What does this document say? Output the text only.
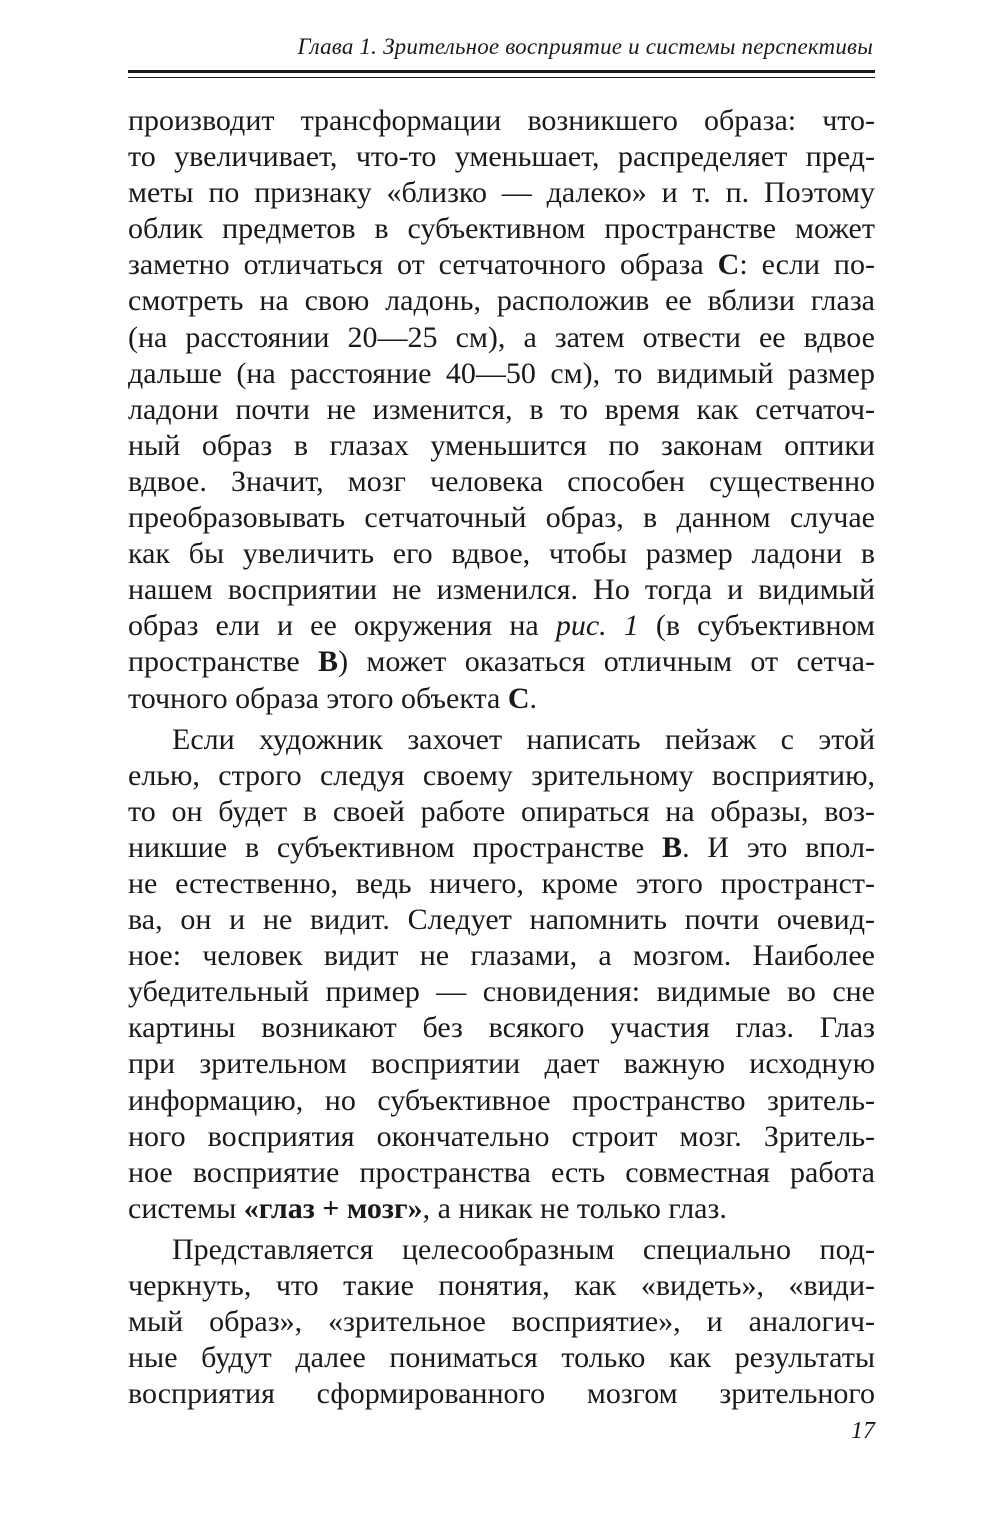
Глава 1. Зрительное восприятие и системы перспективы
производит трансформации возникшего образа: что-
то увеличивает, что-то уменьшает, распределяет пред-
меты по признаку «близко — далеко» и т. п. Поэтому
облик предметов в субъективном пространстве может
заметно отличаться от сетчаточного образа C: если по-
смотреть на свою ладонь, расположив ее вблизи глаза
(на расстоянии 20—25 см), а затем отвести ее вдвое
дальше (на расстояние 40—50 см), то видимый размер
ладони почти не изменится, в то время как сетчаточ-
ный образ в глазах уменьшится по законам оптики
вдвое. Значит, мозг человека способен существенно
преобразовывать сетчаточный образ, в данном случае
как бы увеличить его вдвое, чтобы размер ладони в
нашем восприятии не изменился. Но тогда и видимый
образ ели и ее окружения на рис. 1 (в субъективном
пространстве B) может оказаться отличным от сетча-
точного образа этого объекта C.
Если художник захочет написать пейзаж с этой
елью, строго следуя своему зрительному восприятию,
то он будет в своей работе опираться на образы, воз-
никшие в субъективном пространстве B. И это впол-
не естественно, ведь ничего, кроме этого пространст-
ва, он и не видит. Следует напомнить почти очевид-
ное: человек видит не глазами, а мозгом. Наиболее
убедительный пример — сновидения: видимые во сне
картины возникают без всякого участия глаз. Глаз
при зрительном восприятии дает важную исходную
информацию, но субъективное пространство зритель-
ного восприятия окончательно строит мозг. Зритель-
ное восприятие пространства есть совместная работа
системы «глаз + мозг», а никак не только глаз.
Представляется целесообразным специально под-
черкнуть, что такие понятия, как «видеть», «види-
мый образ», «зрительное восприятие», и аналогич-
ные будут далее пониматься только как результаты
восприятия сформированного мозгом зрительного
17
